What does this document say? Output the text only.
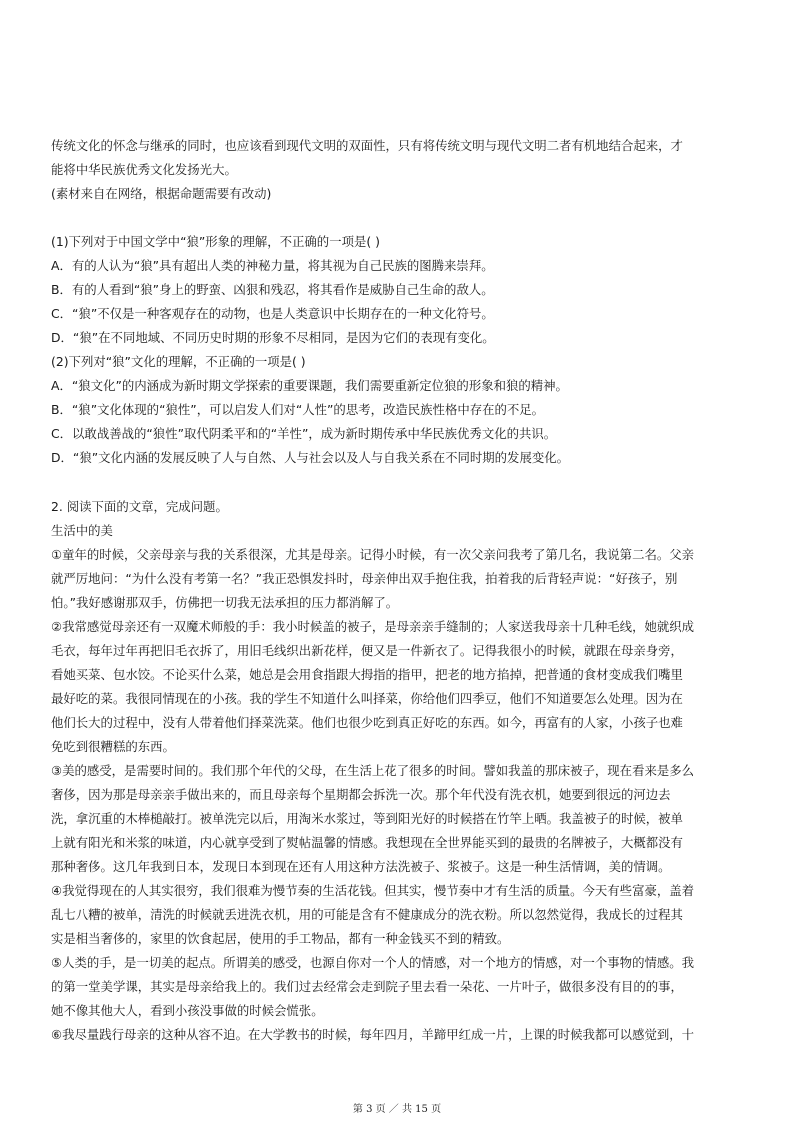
传统文化的怀念与继承的同时，也应该看到现代文明的双面性，只有将传统文明与现代文明二者有机地结合起来，才
能将中华民族优秀文化发扬光大。
(素材来自在网络，根据命题需要有改动)
(1)下列对于中国文学中“狼”形象的理解，不正确的一项是( )
A．有的人认为“狼”具有超出人类的神秘力量，将其视为自己民族的图腾来崇拜。
B．有的人看到“狼”身上的野蛮、凶狠和残忍，将其看作是威胁自己生命的敌人。
C．“狼”不仅是一种客观存在的动物，也是人类意识中长期存在的一种文化符号。
D．“狼”在不同地域、不同历史时期的形象不尽相同，是因为它们的表现有变化。
(2)下列对“狼”文化的理解，不正确的一项是( )
A．“狼文化”的内涵成为新时期文学探索的重要课题，我们需要重新定位狼的形象和狼的精神。
B．“狼”文化体现的“狼性”，可以启发人们对“人性”的思考，改造民族性格中存在的不足。
C．以敢战善战的“狼性”取代阴柔平和的“羊性”，成为新时期传承中华民族优秀文化的共识。
D．“狼”文化内涵的发展反映了人与自然、人与社会以及人与自我关系在不同时期的发展变化。
2. 阅读下面的文章，完成问题。
生活中的美
①童年的时候，父亲母亲与我的关系很深，尤其是母亲。记得小时候，有一次父亲问我考了第几名，我说第二名。父亲
就严厉地问：“为什么没有考第一名？”我正恐惧发抖时，母亲伸出双手抱住我，拍着我的后背轻声说：“好孩子，别
怕。”我好感谢那双手，仿佛把一切我无法承担的压力都消解了。
②我常感觉母亲还有一双魔术师般的手：我小时候盖的被子，是母亲亲手缝制的；人家送我母亲十几种毛线，她就织成
毛衣，每年过年再把旧毛衣拆了，用旧毛线织出新花样，便又是一件新衣了。记得我很小的时候，就跟在母亲身旁，
看她买菜、包水饺。不论买什么菜，她总是会用食指跟大拇指的指甲，把老的地方掐掉，把普通的食材变成我们嘴里
最好吃的菜。我很同情现在的小孩。我的学生不知道什么叫择菜，你给他们四季豆，他们不知道要怎么处理。因为在
他们长大的过程中，没有人带着他们择菜洗菜。他们也很少吃到真正好吃的东西。如今，再富有的人家，小孩子也难
免吃到很糟糕的东西。
③美的感受，是需要时间的。我们那个年代的父母，在生活上花了很多的时间。譬如我盖的那床被子，现在看来是多么
奢侈，因为那是母亲亲手做出来的，而且母亲每个星期都会拆洗一次。那个年代没有洗衣机，她要到很远的河边去
洗，拿沉重的木棒槌敲打。被单洗完以后，用淘米水浆过，等到阳光好的时候搭在竹竿上晒。我盖被子的时候，被单
上就有阳光和米浆的味道，内心就享受到了熨帖温馨的情感。我想现在全世界能买到的最贵的名牌被子，大概都没有
那种奢侈。这几年我到日本，发现日本到现在还有人用这种方法洗被子、浆被子。这是一种生活情调，美的情调。
④我觉得现在的人其实很穷，我们很难为慢节奏的生活花钱。但其实，慢节奏中才有生活的质量。今天有些富豪，盖着
乱七八糟的被单，清洗的时候就丢进洗衣机，用的可能是含有不健康成分的洗衣粉。所以忽然觉得，我成长的过程其
实是相当奢侈的，家里的饮食起居，使用的手工物品，都有一种金钱买不到的精致。
⑤人类的手，是一切美的起点。所谓美的感受，也源自你对一个人的情感，对一个地方的情感，对一个事物的情感。我
的第一堂美学课，其实是母亲给我上的。我们过去经常会走到院子里去看一朵花、一片叶子，做很多没有目的的事，
她不像其他大人，看到小孩没事做的时候会慌张。
⑥我尽量践行母亲的这种从容不迫。在大学教书的时候，每年四月，羊蹄甲红成一片，上课的时候我都可以感觉到，十
第 3 页 ／ 共 15 页
